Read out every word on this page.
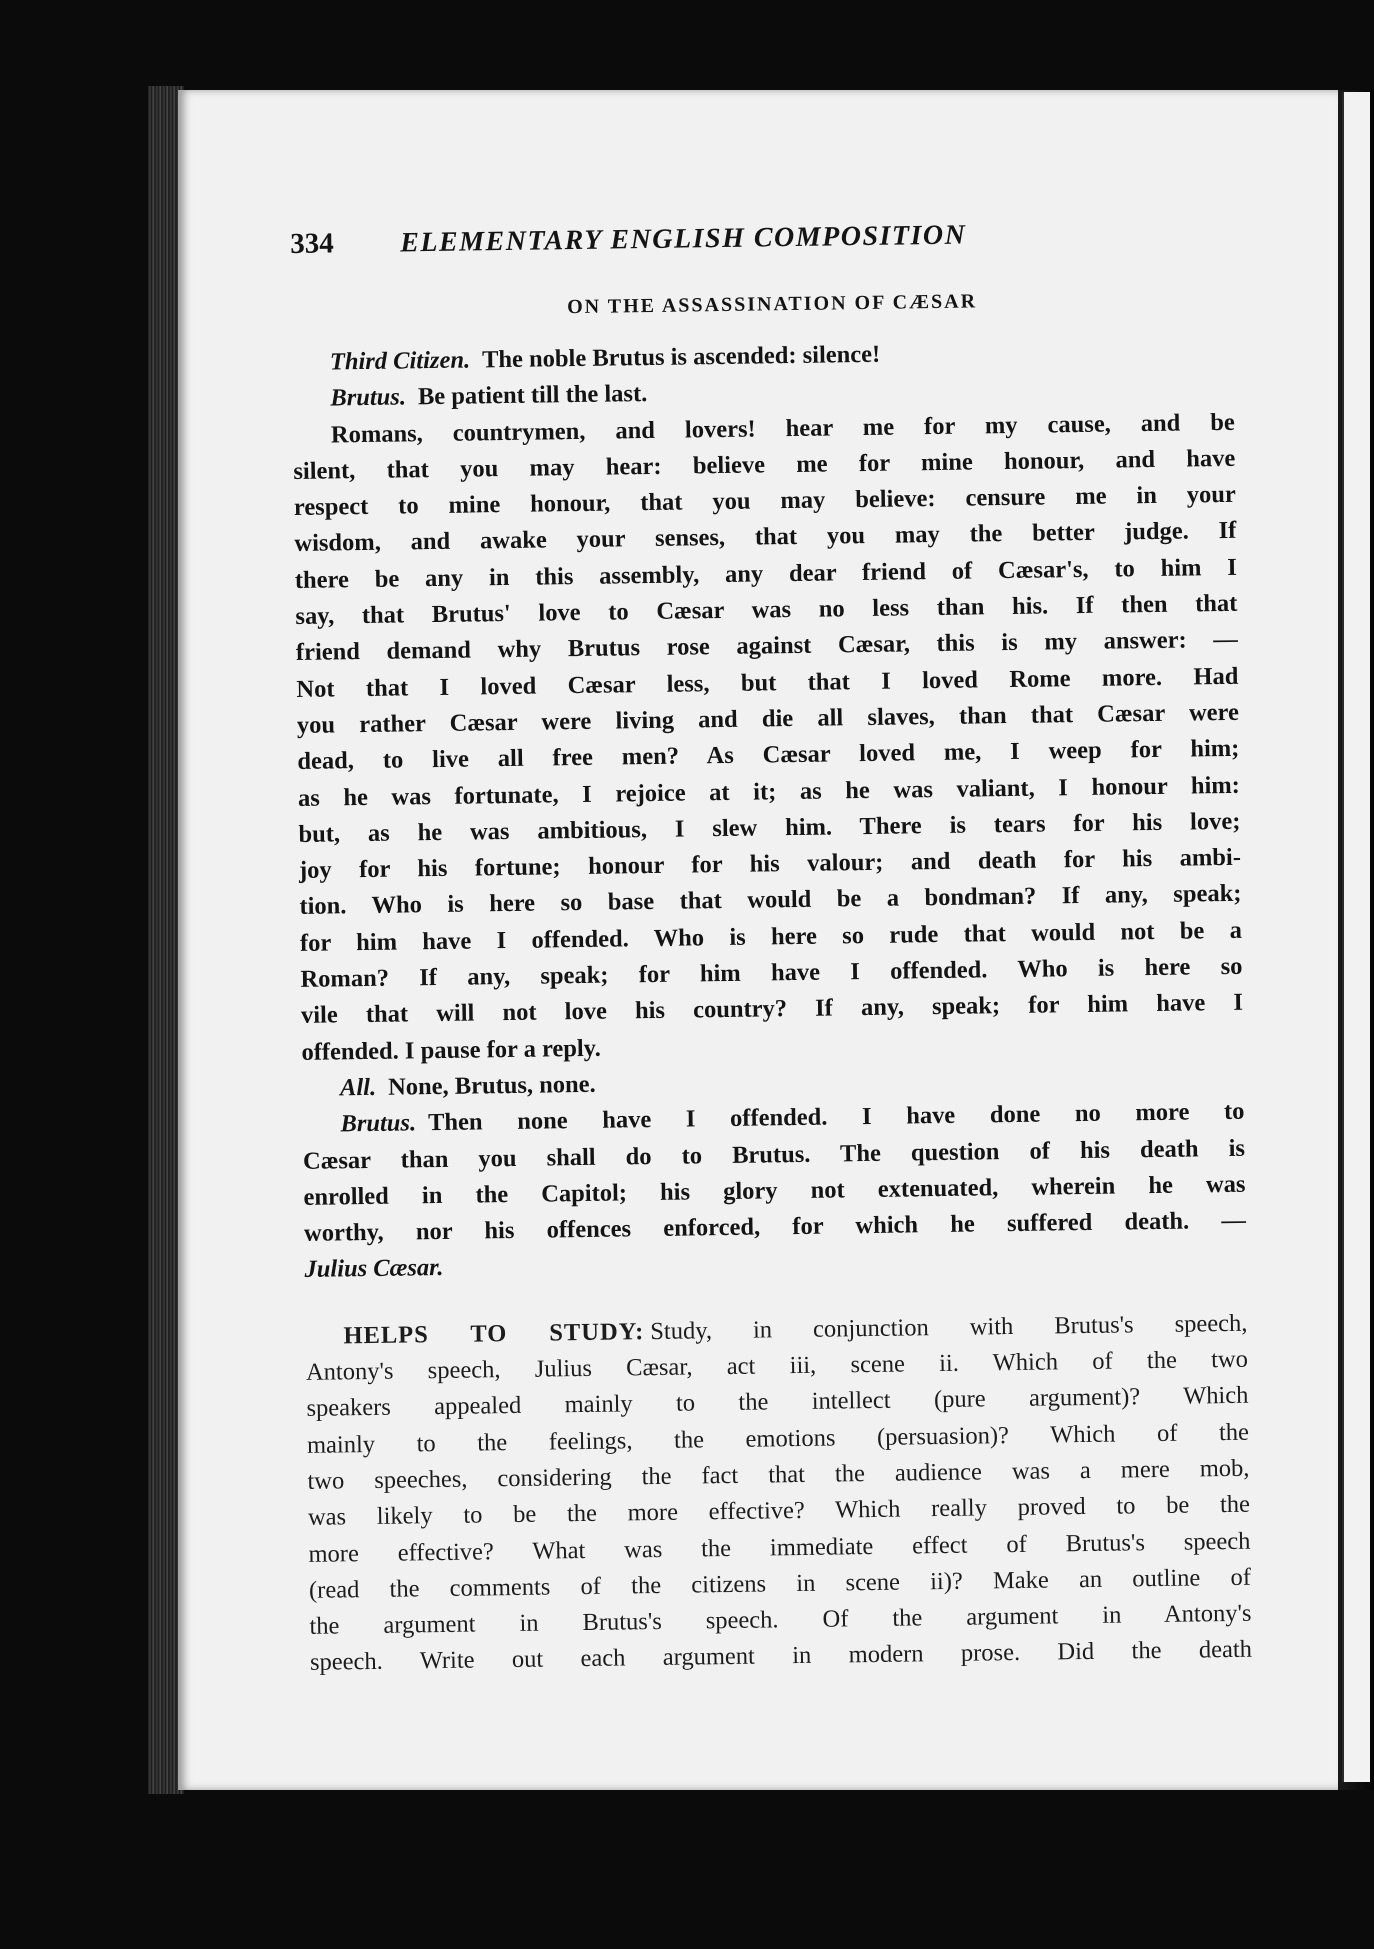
334	ELEMENTARY ENGLISH COMPOSITION
ON THE ASSASSINATION OF CÆSAR
Third Citizen. The noble Brutus is ascended: silence!
Brutus. Be patient till the last.
Romans, countrymen, and lovers! hear me for my cause, and be
silent, that you may hear: believe me for mine honour, and have
respect to mine honour, that you may believe: censure me in your
wisdom, and awake your senses, that you may the better judge. If
there be any in this assembly, any dear friend of Cæsar's, to him I
say, that Brutus' love to Cæsar was no less than his. If then that
friend demand why Brutus rose against Cæsar, this is my answer: —
Not that I loved Cæsar less, but that I loved Rome more. Had
you rather Cæsar were living and die all slaves, than that Cæsar were
dead, to live all free men? As Cæsar loved me, I weep for him;
as he was fortunate, I rejoice at it; as he was valiant, I honour him:
but, as he was ambitious, I slew him. There is tears for his love;
joy for his fortune; honour for his valour; and death for his ambi-
tion. Who is here so base that would be a bondman? If any, speak;
for him have I offended. Who is here so rude that would not be a
Roman? If any, speak; for him have I offended. Who is here so
vile that will not love his country? If any, speak; for him have I
offended. I pause for a reply.
All. None, Brutus, none.
Brutus. Then none have I offended. I have done no more to
Cæsar than you shall do to Brutus. The question of his death is
enrolled in the Capitol; his glory not extenuated, wherein he was
worthy, nor his offences enforced, for which he suffered death. —
Julius Cæsar.
HELPS TO STUDY: Study, in conjunction with Brutus's speech,
Antony's speech, Julius Cæsar, act iii, scene ii. Which of the two
speakers appealed mainly to the intellect (pure argument)? Which
mainly to the feelings, the emotions (persuasion)? Which of the
two speeches, considering the fact that the audience was a mere mob,
was likely to be the more effective? Which really proved to be the
more effective? What was the immediate effect of Brutus's speech
(read the comments of the citizens in scene ii)? Make an outline of
the argument in Brutus's speech. Of the argument in Antony's
speech. Write out each argument in modern prose. Did the death
